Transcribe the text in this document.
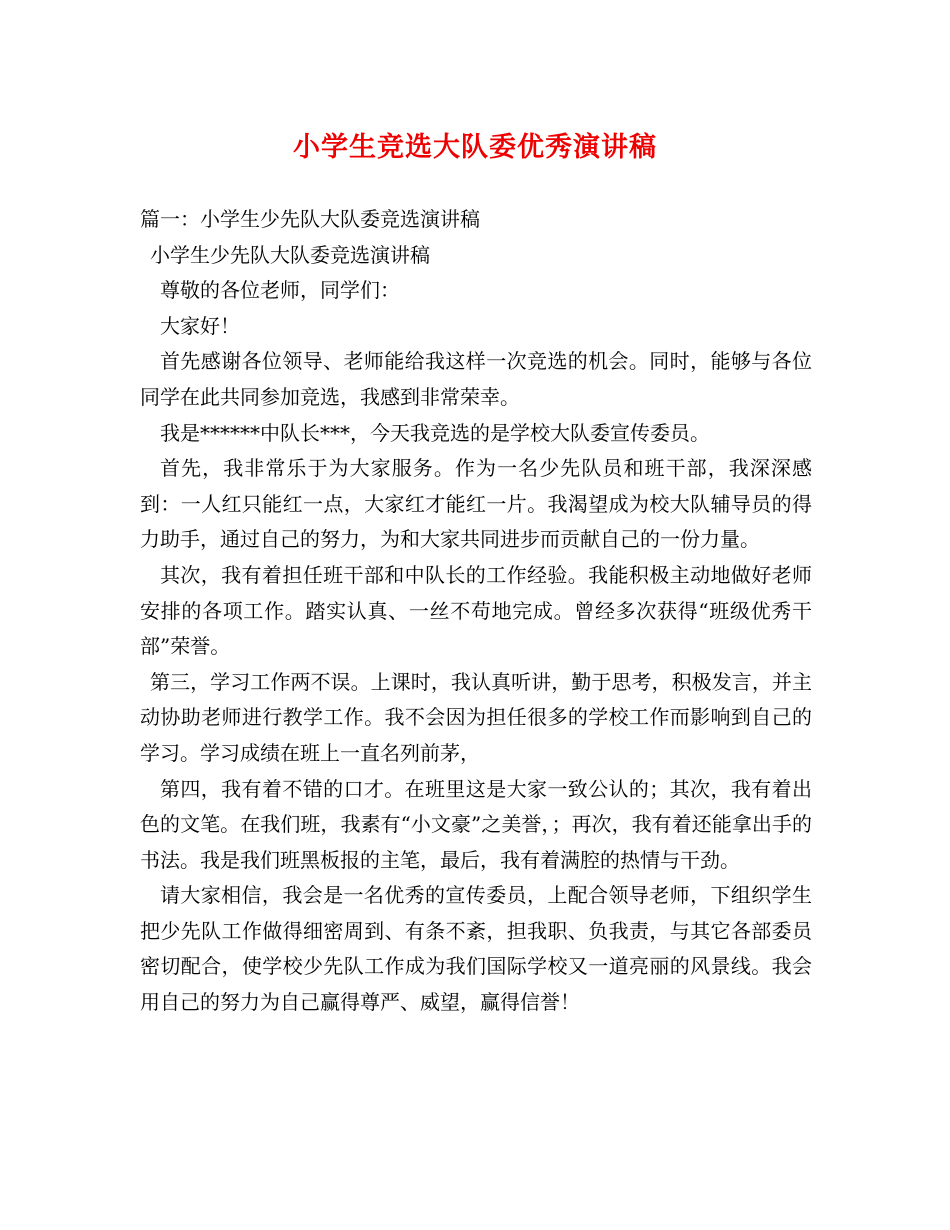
小学生竞选大队委优秀演讲稿

篇一：小学生少先队大队委竞选演讲稿

小学生少先队大队委竞选演讲稿

尊敬的各位老师，同学们：

大家好！

首先感谢各位领导、老师能给我这样一次竞选的机会。同时，能够与各位同学在此共同参加竞选，我感到非常荣幸。

我是******中队长***，今天我竞选的是学校大队委宣传委员。

首先，我非常乐于为大家服务。作为一名少先队员和班干部，我深深感到：一人红只能红一点，大家红才能红一片。我渴望成为校大队辅导员的得力助手，通过自己的努力，为和大家共同进步而贡献自己的一份力量。

其次，我有着担任班干部和中队长的工作经验。我能积极主动地做好老师安排的各项工作。踏实认真、一丝不苟地完成。曾经多次获得“班级优秀干部”荣誉。

第三，学习工作两不误。上课时，我认真听讲，勤于思考，积极发言，并主动协助老师进行教学工作。我不会因为担任很多的学校工作而影响到自己的学习。学习成绩在班上一直名列前茅，

第四，我有着不错的口才。在班里这是大家一致公认的；其次，我有着出色的文笔。在我们班，我素有“小文豪”之美誉，；再次，我有着还能拿出手的书法。我是我们班黑板报的主笔，最后，我有着满腔的热情与干劲。

请大家相信，我会是一名优秀的宣传委员，上配合领导老师，下组织学生把少先队工作做得细密周到、有条不紊，担我职、负我责，与其它各部委员密切配合，使学校少先队工作成为我们国际学校又一道亮丽的风景线。我会用自己的努力为自己赢得尊严、威望，赢得信誉！
